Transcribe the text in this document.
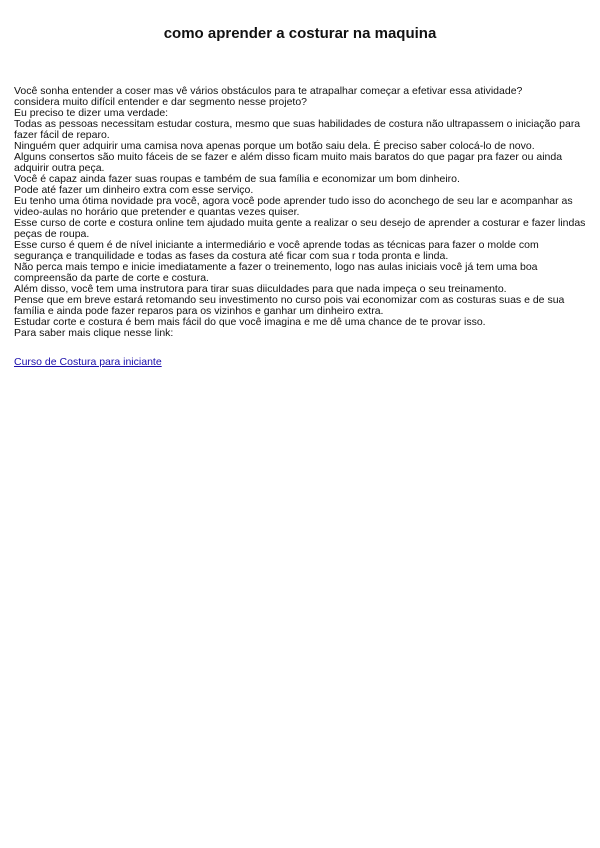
como aprender a costurar na maquina

Você sonha entender a coser mas vê vários obstáculos para te atrapalhar começar a efetivar essa atividade?

considera muito difícil entender e dar segmento nesse projeto?

Eu preciso te dizer uma verdade:

Todas as pessoas necessitam estudar costura, mesmo que suas habilidades de costura não ultrapassem o iniciação para fazer fácil de reparo.

Ninguém quer adquirir uma camisa nova apenas porque um botão saiu dela. É preciso saber colocá-lo de novo.

Alguns consertos são muito fáceis de se fazer e além disso ficam muito mais baratos do que pagar pra fazer ou ainda adquirir outra peça.

Você é capaz ainda fazer suas roupas e também de sua família e economizar um bom dinheiro.

Pode até fazer um dinheiro extra com esse serviço.

Eu tenho uma ótima novidade pra você, agora você pode aprender tudo isso do aconchego de seu lar e acompanhar as video-aulas no horário que pretender e quantas vezes quiser.

Esse curso de corte e costura online tem ajudado muita gente a realizar o seu desejo de aprender a costurar e fazer lindas peças de roupa.

Esse curso é quem é de nível iniciante a intermediário e você aprende todas as técnicas para fazer o molde com segurança e tranquilidade e todas as fases da costura até ficar com sua r toda pronta e linda.

Não perca mais tempo e inicie imediatamente a fazer o treinemento, logo nas aulas iniciais você já tem uma boa compreensão da parte de corte e costura.

Além disso, você tem uma instrutora para tirar suas diiculdades para que nada impeça o seu treinamento.

Pense que em breve estará retomando seu investimento no curso pois vai economizar com as costuras suas e de sua família e ainda pode fazer reparos para os vizinhos e ganhar um dinheiro extra.

Estudar corte e costura é bem mais fácil do que você imagina e me dê uma chance de te provar isso.

Para saber mais clique nesse link:

Curso de Costura para iniciante
